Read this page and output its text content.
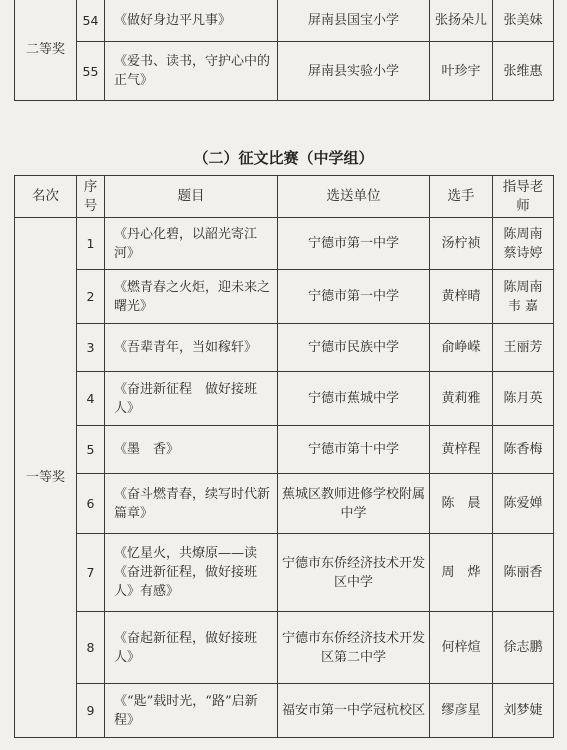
二等奖	54	《做好身边平凡事》	屏南县国宝小学	张扬朵儿	张美妹
	55	《爱书、读书，守护心中的正气》	屏南县实验小学	叶珍宇	张维惠
（二）征文比赛（中学组）
名次	序号	题目	选送单位	选手	指导老师
一等奖	1	《丹心化碧，以韶光寄江河》	宁德市第一中学	汤柠祯	陈周南 蔡诗婷
	2	《燃青春之火炬，迎未来之曙光》	宁德市第一中学	黄梓晴	陈周南 韦 嘉
	3	《吾辈青年，当如稼轩》	宁德市民族中学	俞峥嵘	王丽芳
	4	《奋进新征程　做好接班人》	宁德市蕉城中学	黄莉雅	陈月英
	5	《墨　香》	宁德市第十中学	黄梓程	陈香梅
	6	《奋斗燃青春，续写时代新篇章》	蕉城区教师进修学校附属中学	陈　晨	陈爱婵
	7	《忆星火，共燎原——读《奋进新征程，做好接班人》有感》	宁德市东侨经济技术开发区中学	周　烨	陈丽香
	8	《奋起新征程，做好接班人》	宁德市东侨经济技术开发区第二中学	何梓煊	徐志鹏
	9	《“匙”载时光，“路”启新程》	福安市第一中学冠杭校区	缪彦星	刘梦婕
